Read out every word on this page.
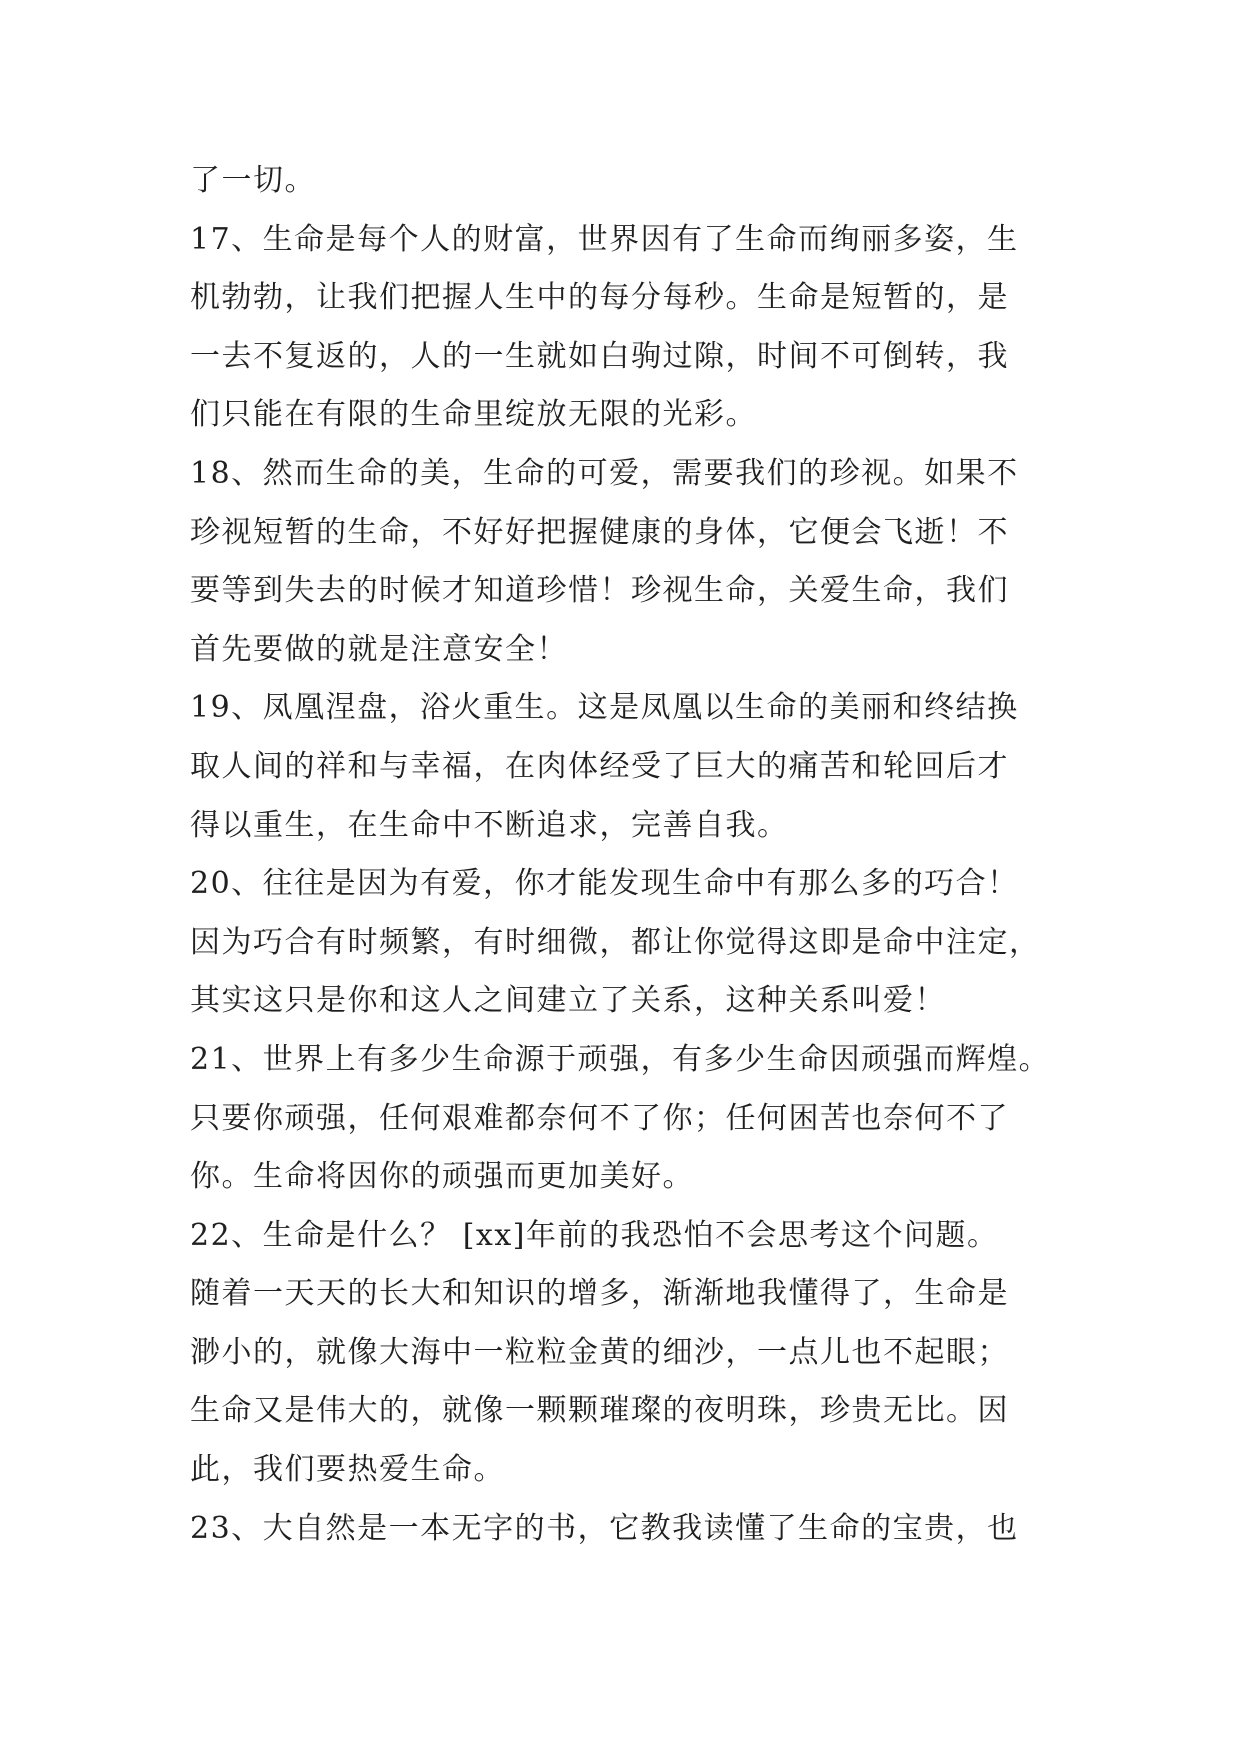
了一切。
17、生命是每个人的财富，世界因有了生命而绚丽多姿，生
机勃勃，让我们把握人生中的每分每秒。生命是短暂的，是
一去不复返的，人的一生就如白驹过隙，时间不可倒转，我
们只能在有限的生命里绽放无限的光彩。
18、然而生命的美，生命的可爱，需要我们的珍视。如果不
珍视短暂的生命，不好好把握健康的身体，它便会飞逝！不
要等到失去的时候才知道珍惜！珍视生命，关爱生命，我们
首先要做的就是注意安全！
19、凤凰涅盘，浴火重生。这是凤凰以生命的美丽和终结换
取人间的祥和与幸福，在肉体经受了巨大的痛苦和轮回后才
得以重生，在生命中不断追求，完善自我。
20、往往是因为有爱，你才能发现生命中有那么多的巧合！
因为巧合有时频繁，有时细微，都让你觉得这即是命中注定，
其实这只是你和这人之间建立了关系，这种关系叫爱！
21、世界上有多少生命源于顽强，有多少生命因顽强而辉煌。
只要你顽强，任何艰难都奈何不了你；任何困苦也奈何不了
你。生命将因你的顽强而更加美好。
22、生命是什么？ [xx]年前的我恐怕不会思考这个问题。
随着一天天的长大和知识的增多，渐渐地我懂得了，生命是
渺小的，就像大海中一粒粒金黄的细沙，一点儿也不起眼；
生命又是伟大的，就像一颗颗璀璨的夜明珠，珍贵无比。因
此，我们要热爱生命。
23、大自然是一本无字的书，它教我读懂了生命的宝贵，也
